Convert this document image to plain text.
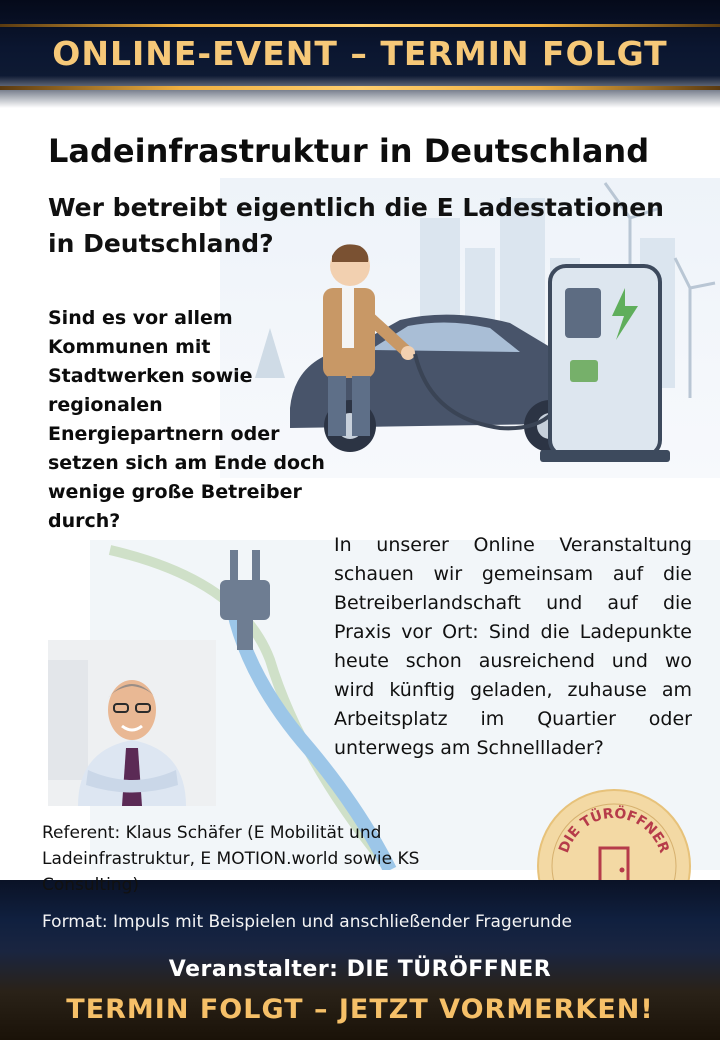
ONLINE-EVENT – TERMIN FOLGT
Ladeinfrastruktur in Deutschland
Wer betreibt eigentlich die E Ladestationen in Deutschland?
Sind es vor allem Kommunen mit Stadtwerken sowie regionalen Energiepartnern oder setzen sich am Ende doch wenige große Betreiber durch?
In unserer Online Veranstaltung schauen wir gemeinsam auf die Betreiberlandschaft und auf die Praxis vor Ort: Sind die Ladepunkte heute schon ausreichend und wo wird künftig geladen, zuhause am Arbeitsplatz im Quartier oder unterwegs am Schnelllader?
DIE TÜRÖFFNER
Referent: Klaus Schäfer (E Mobilität und Ladeinfrastruktur, E MOTION.world sowie KS Consulting)
Format: Impuls mit Beispielen und anschließender Fragerunde
Veranstalter: DIE TÜRÖFFNER
TERMIN FOLGT – JETZT VORMERKEN!
